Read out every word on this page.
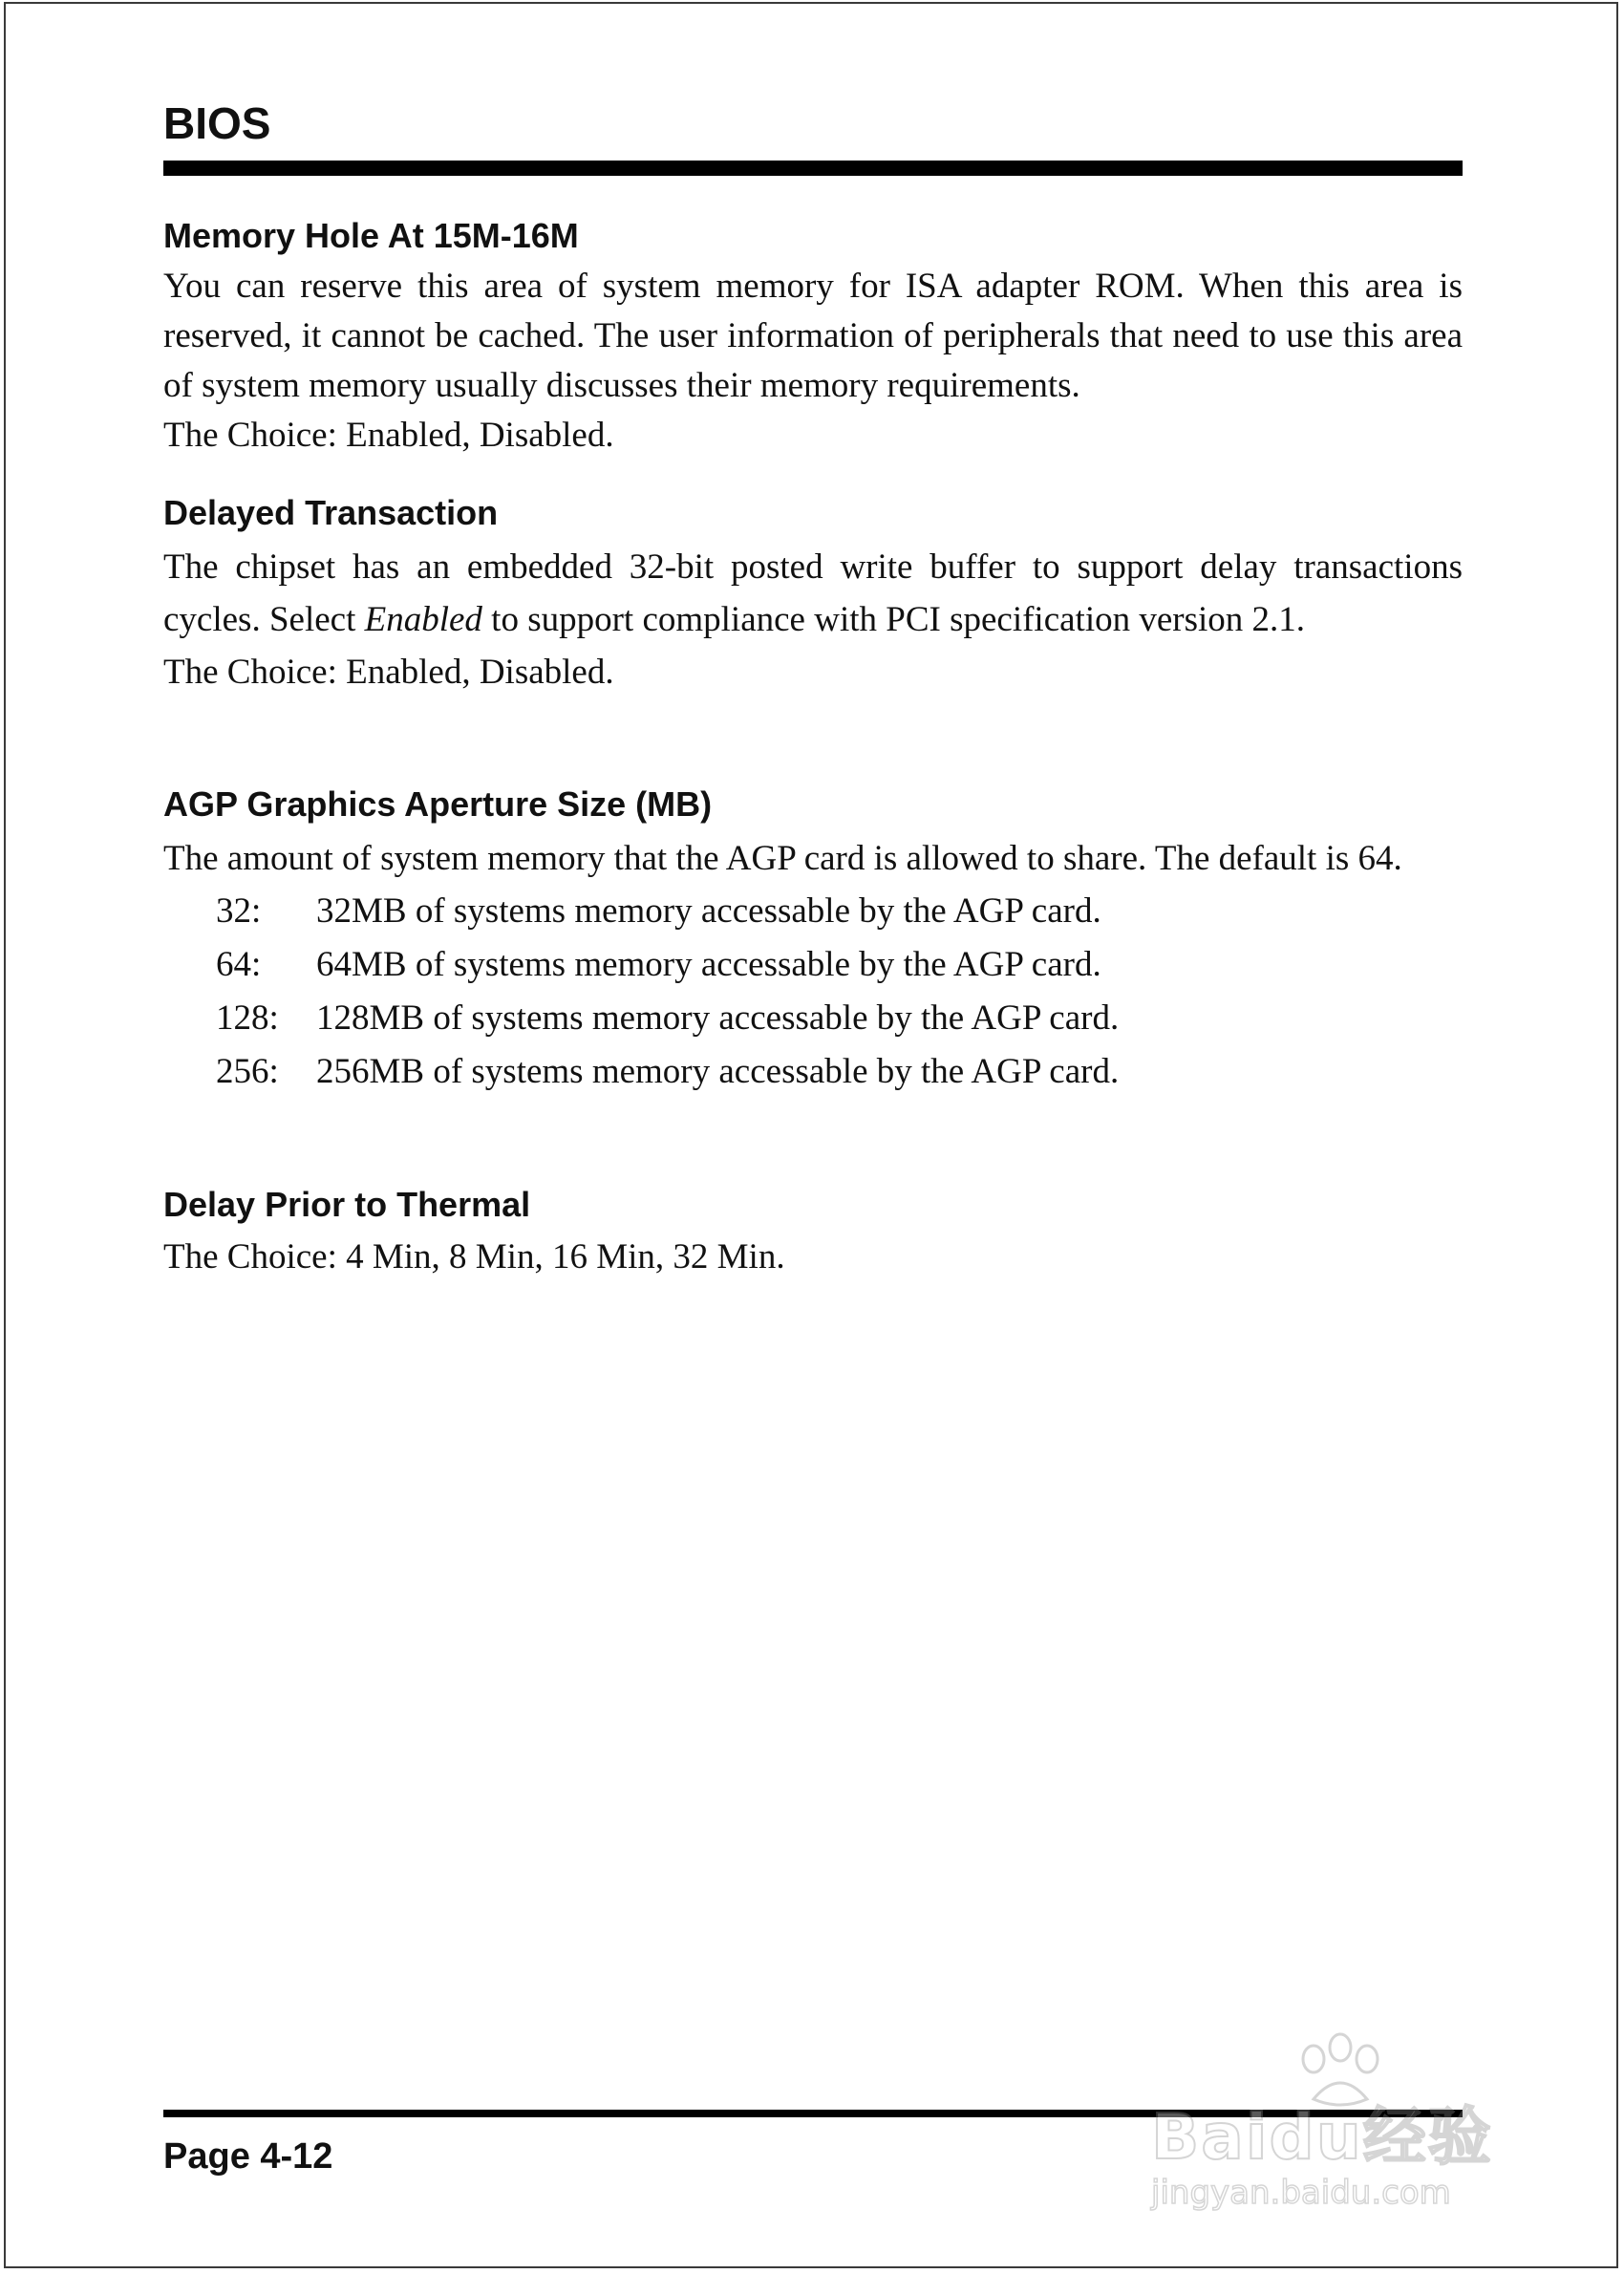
BIOS
Memory Hole At 15M-16M

You can reserve this area of system memory for ISA adapter ROM. When this area is reserved, it cannot be cached. The user information of peripherals that need to use this area of system memory usually discusses their memory requirements.

The Choice: Enabled, Disabled.

Delayed Transaction

The chipset has an embedded 32-bit posted write buffer to support delay transactions cycles. Select Enabled to support compliance with PCI specification version 2.1.

The Choice: Enabled, Disabled.

AGP Graphics Aperture Size (MB)

The amount of system memory that the AGP card is allowed to share. The default is 64.

32:	32MB of systems memory accessable by the AGP card.
64:	64MB of systems memory accessable by the AGP card.
128:	128MB of systems memory accessable by the AGP card.
256:	256MB of systems memory accessable by the AGP card.
Delay Prior to Thermal

The Choice: 4 Min, 8 Min, 16 Min, 32 Min.

Page 4-12	Baidu经验
jingyan.baidu.com
